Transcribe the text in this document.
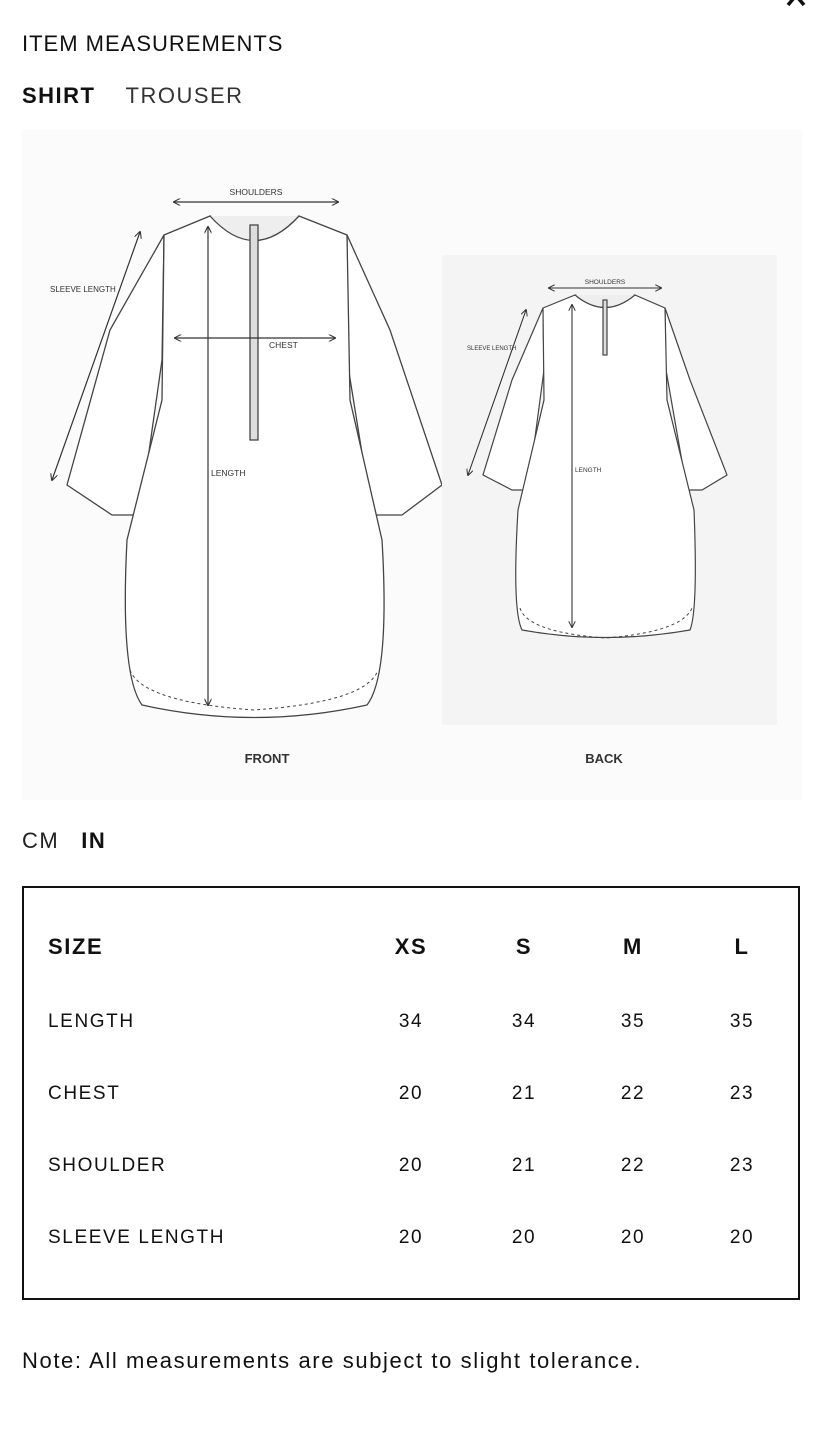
ITEM MEASUREMENTS
SHIRT TROUSER
SHOULDERS
SLEEVE LENGTH
CHEST
LENGTH
FRONT
SHOULDERS
SLEEVE LENGTH
LENGTH
BACK
CM IN
SIZE	XS	S	M	L
LENGTH	34	34	35	35
CHEST	20	21	22	23
SHOULDER	20	21	22	23
SLEEVE LENGTH	20	20	20	20

Note: All measurements are subject to slight tolerance.
